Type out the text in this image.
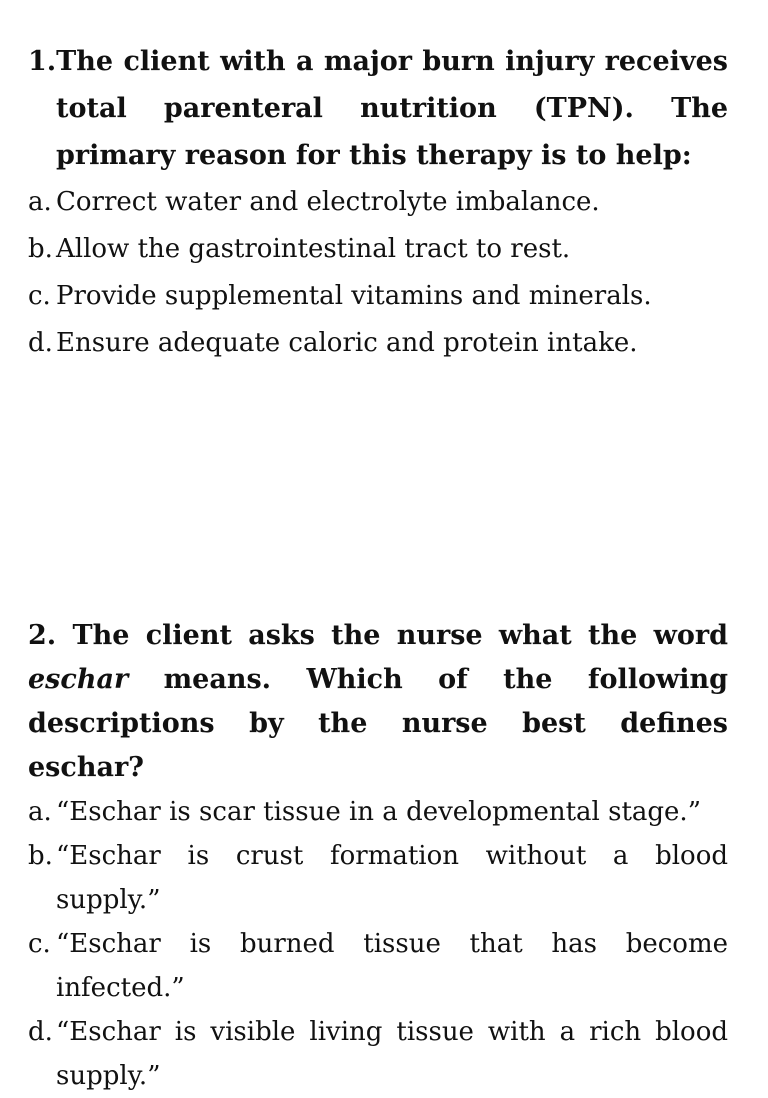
1.The client with a major burn injury receives total parenteral nutrition (TPN). The primary reason for this therapy is to help:
a. Correct water and electrolyte imbalance.
b. Allow the gastrointestinal tract to rest.
c. Provide supplemental vitamins and minerals.
d. Ensure adequate caloric and protein intake.
2. The client asks the nurse what the word eschar means. Which of the following descriptions by the nurse best defines eschar?
a. “Eschar is scar tissue in a developmental stage.”
b. “Eschar is crust formation without a blood supply.”
c. “Eschar is burned tissue that has become infected.”
d. “Eschar is visible living tissue with a rich blood supply.”
